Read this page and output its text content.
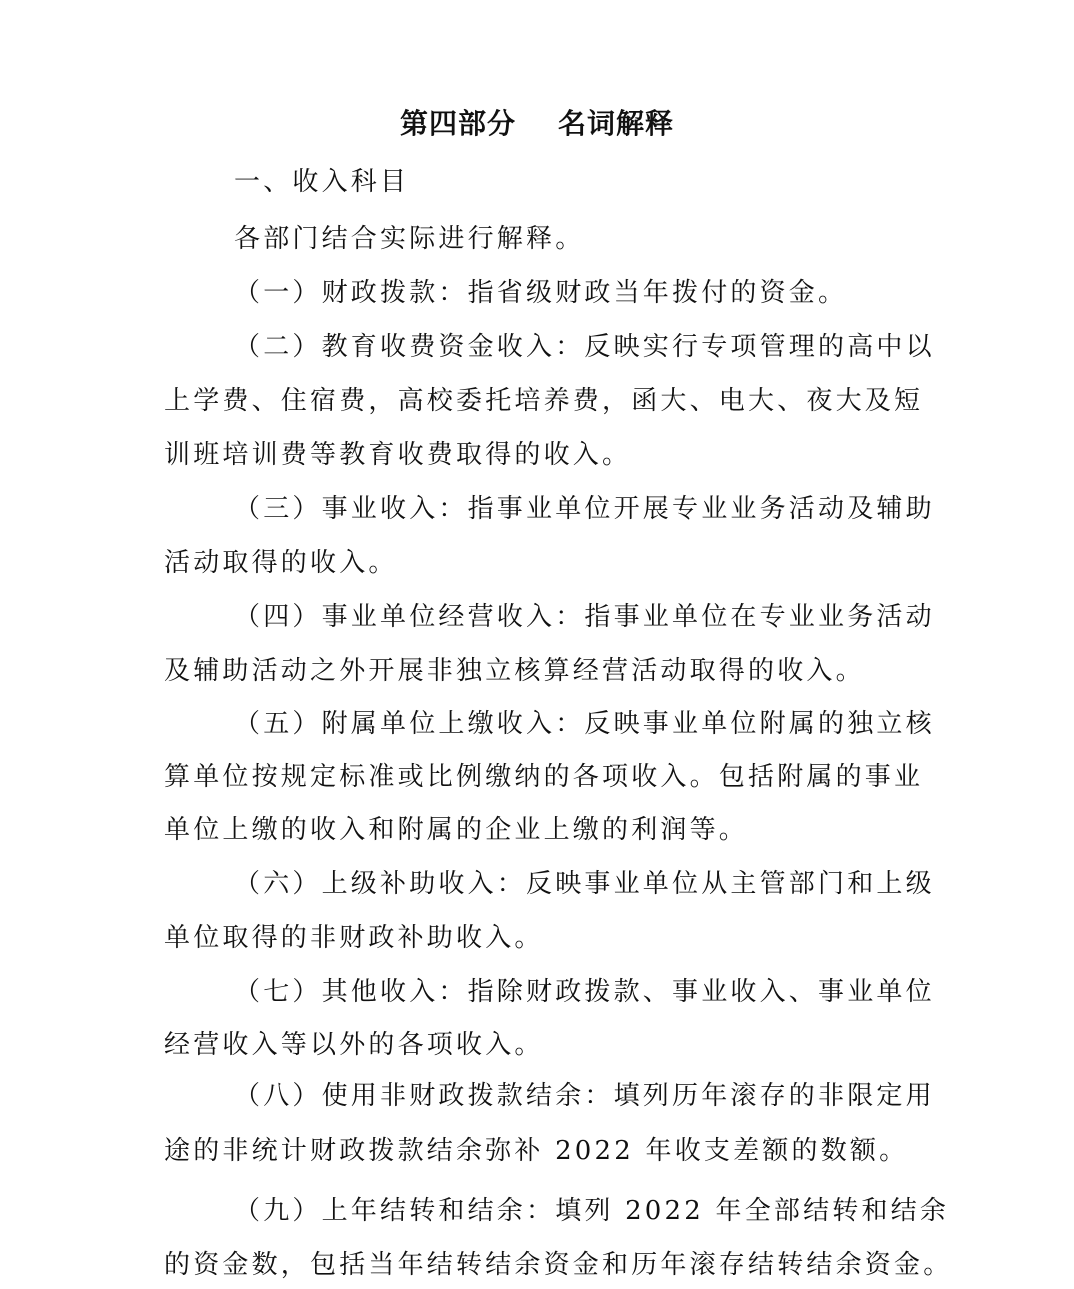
第四部分 名词解释
一、收入科目
各部门结合实际进行解释。
（一）财政拨款：指省级财政当年拨付的资金。
（二）教育收费资金收入：反映实行专项管理的高中以
上学费、住宿费，高校委托培养费，函大、电大、夜大及短
训班培训费等教育收费取得的收入。
（三）事业收入：指事业单位开展专业业务活动及辅助
活动取得的收入。
（四）事业单位经营收入：指事业单位在专业业务活动
及辅助活动之外开展非独立核算经营活动取得的收入。
（五）附属单位上缴收入：反映事业单位附属的独立核
算单位按规定标准或比例缴纳的各项收入。包括附属的事业
单位上缴的收入和附属的企业上缴的利润等。
（六）上级补助收入：反映事业单位从主管部门和上级
单位取得的非财政补助收入。
（七）其他收入：指除财政拨款、事业收入、事业单位
经营收入等以外的各项收入。
（八）使用非财政拨款结余：填列历年滚存的非限定用
途的非统计财政拨款结余弥补 2022 年收支差额的数额。
（九）上年结转和结余：填列 2022 年全部结转和结余
的资金数，包括当年结转结余资金和历年滚存结转结余资金。
